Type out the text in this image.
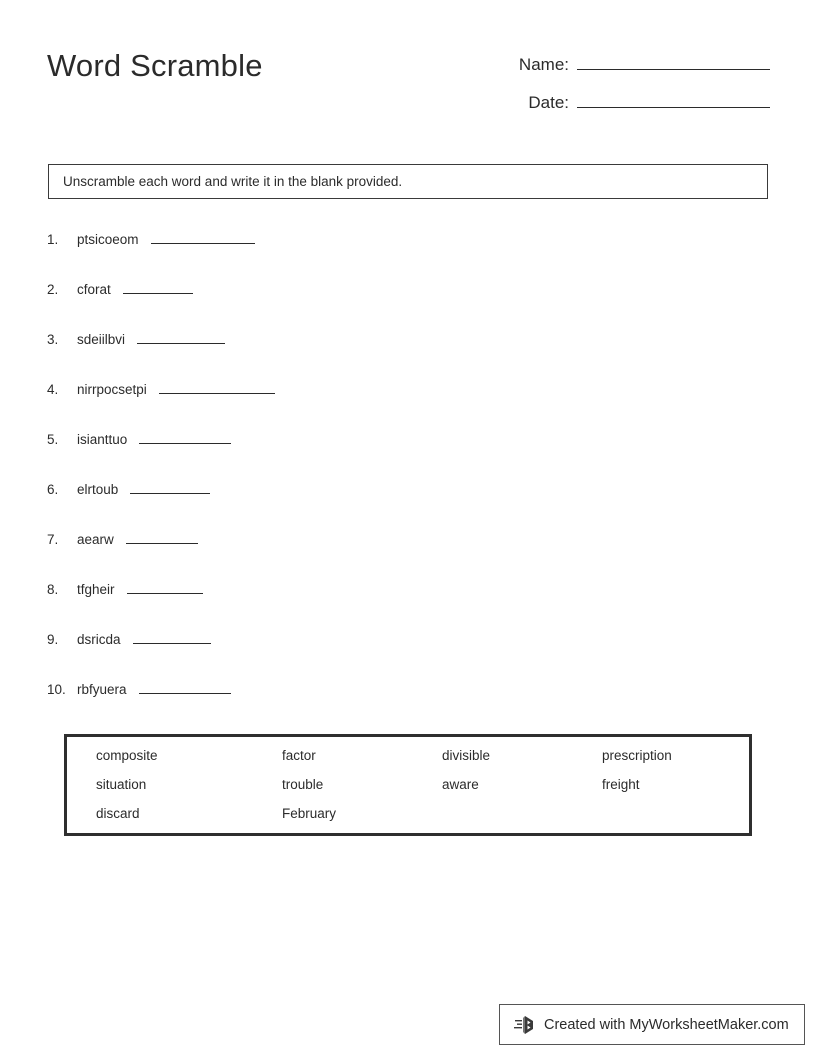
Word Scramble	Name:
Date:
Unscramble each word and write it in the blank provided.
1.	ptsicoeom
2.	cforat
3.	sdeiilbvi
4.	nirrpocsetpi
5.	isianttuo
6.	elrtoub
7.	aearw
8.	tfgheir
9.	dsricda
10. rbfyuera
composite	factor	divisible	prescription
situation	trouble	aware	freight
discard	February
Created with MyWorksheetMaker.com
